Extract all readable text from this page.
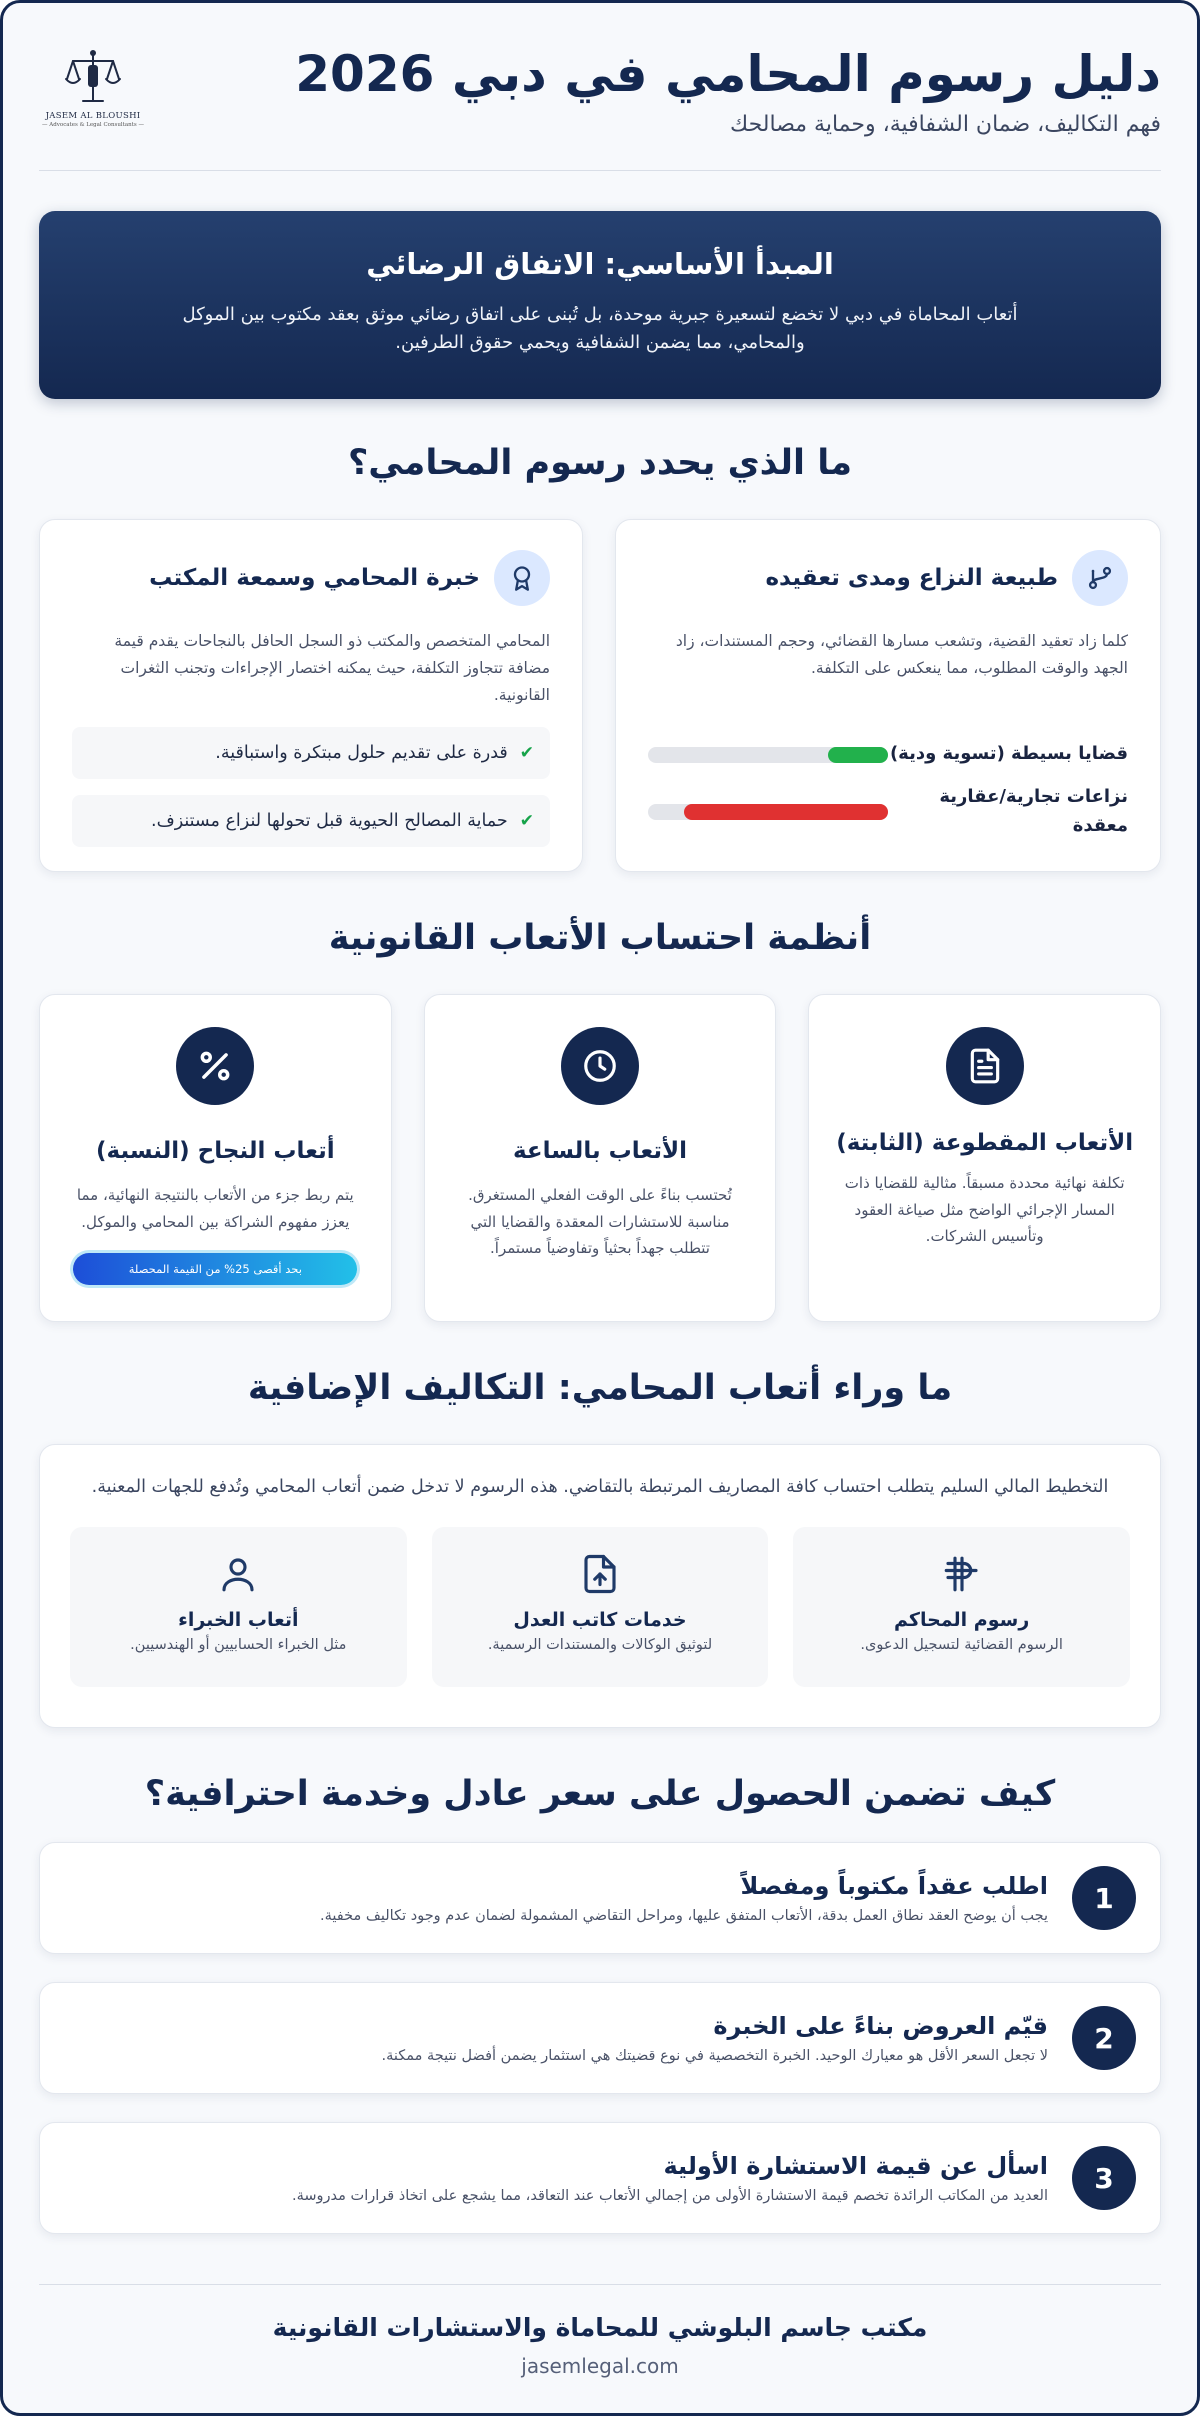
دليل رسوم المحامي في دبي 2026
فهم التكاليف، ضمان الشفافية، وحماية مصالحك
JASEM AL BLOUSHI
— Advocates & Legal Consultants —
المبدأ الأساسي: الاتفاق الرضائي
أتعاب المحاماة في دبي لا تخضع لتسعيرة جبرية موحدة، بل تُبنى على اتفاق رضائي موثق بعقد مكتوب بين الموكل والمحامي، مما يضمن الشفافية ويحمي حقوق الطرفين.
ما الذي يحدد رسوم المحامي؟
طبيعة النزاع ومدى تعقيده
كلما زاد تعقيد القضية، وتشعب مسارها القضائي، وحجم المستندات، زاد الجهد والوقت المطلوب، مما ينعكس على التكلفة.
قضايا بسيطة (تسوية ودية)
نزاعات تجارية/عقارية معقدة
خبرة المحامي وسمعة المكتب
المحامي المتخصص والمكتب ذو السجل الحافل بالنجاحات يقدم قيمة مضافة تتجاوز التكلفة، حيث يمكنه اختصار الإجراءات وتجنب الثغرات القانونية.
✔
قدرة على تقديم حلول مبتكرة واستباقية.
✔
حماية المصالح الحيوية قبل تحولها لنزاع مستنزف.
أنظمة احتساب الأتعاب القانونية
الأتعاب المقطوعة (الثابتة)
تكلفة نهائية محددة مسبقاً. مثالية للقضايا ذات المسار الإجرائي الواضح مثل صياغة العقود وتأسيس الشركات.
الأتعاب بالساعة
تُحتسب بناءً على الوقت الفعلي المستغرق. مناسبة للاستشارات المعقدة والقضايا التي تتطلب جهداً بحثياً وتفاوضياً مستمراً.
أتعاب النجاح (النسبة)
يتم ربط جزء من الأتعاب بالنتيجة النهائية، مما يعزز مفهوم الشراكة بين المحامي والموكل.
بحد أقصى 25% من القيمة المحصلة
ما وراء أتعاب المحامي: التكاليف الإضافية
التخطيط المالي السليم يتطلب احتساب كافة المصاريف المرتبطة بالتقاضي. هذه الرسوم لا تدخل ضمن أتعاب المحامي وتُدفع للجهات المعنية.
رسوم المحاكم
الرسوم القضائية لتسجيل الدعوى.
خدمات كاتب العدل
لتوثيق الوكالات والمستندات الرسمية.
أتعاب الخبراء
مثل الخبراء الحسابيين أو الهندسيين.
كيف تضمن الحصول على سعر عادل وخدمة احترافية؟
1
اطلب عقداً مكتوباً ومفصلاً
يجب أن يوضح العقد نطاق العمل بدقة، الأتعاب المتفق عليها، ومراحل التقاضي المشمولة لضمان عدم وجود تكاليف مخفية.
2
قيّم العروض بناءً على الخبرة
لا تجعل السعر الأقل هو معيارك الوحيد. الخبرة التخصصية في نوع قضيتك هي استثمار يضمن أفضل نتيجة ممكنة.
3
اسأل عن قيمة الاستشارة الأولية
العديد من المكاتب الرائدة تخصم قيمة الاستشارة الأولى من إجمالي الأتعاب عند التعاقد، مما يشجع على اتخاذ قرارات مدروسة.
مكتب جاسم البلوشي للمحاماة والاستشارات القانونية
jasemlegal.com
